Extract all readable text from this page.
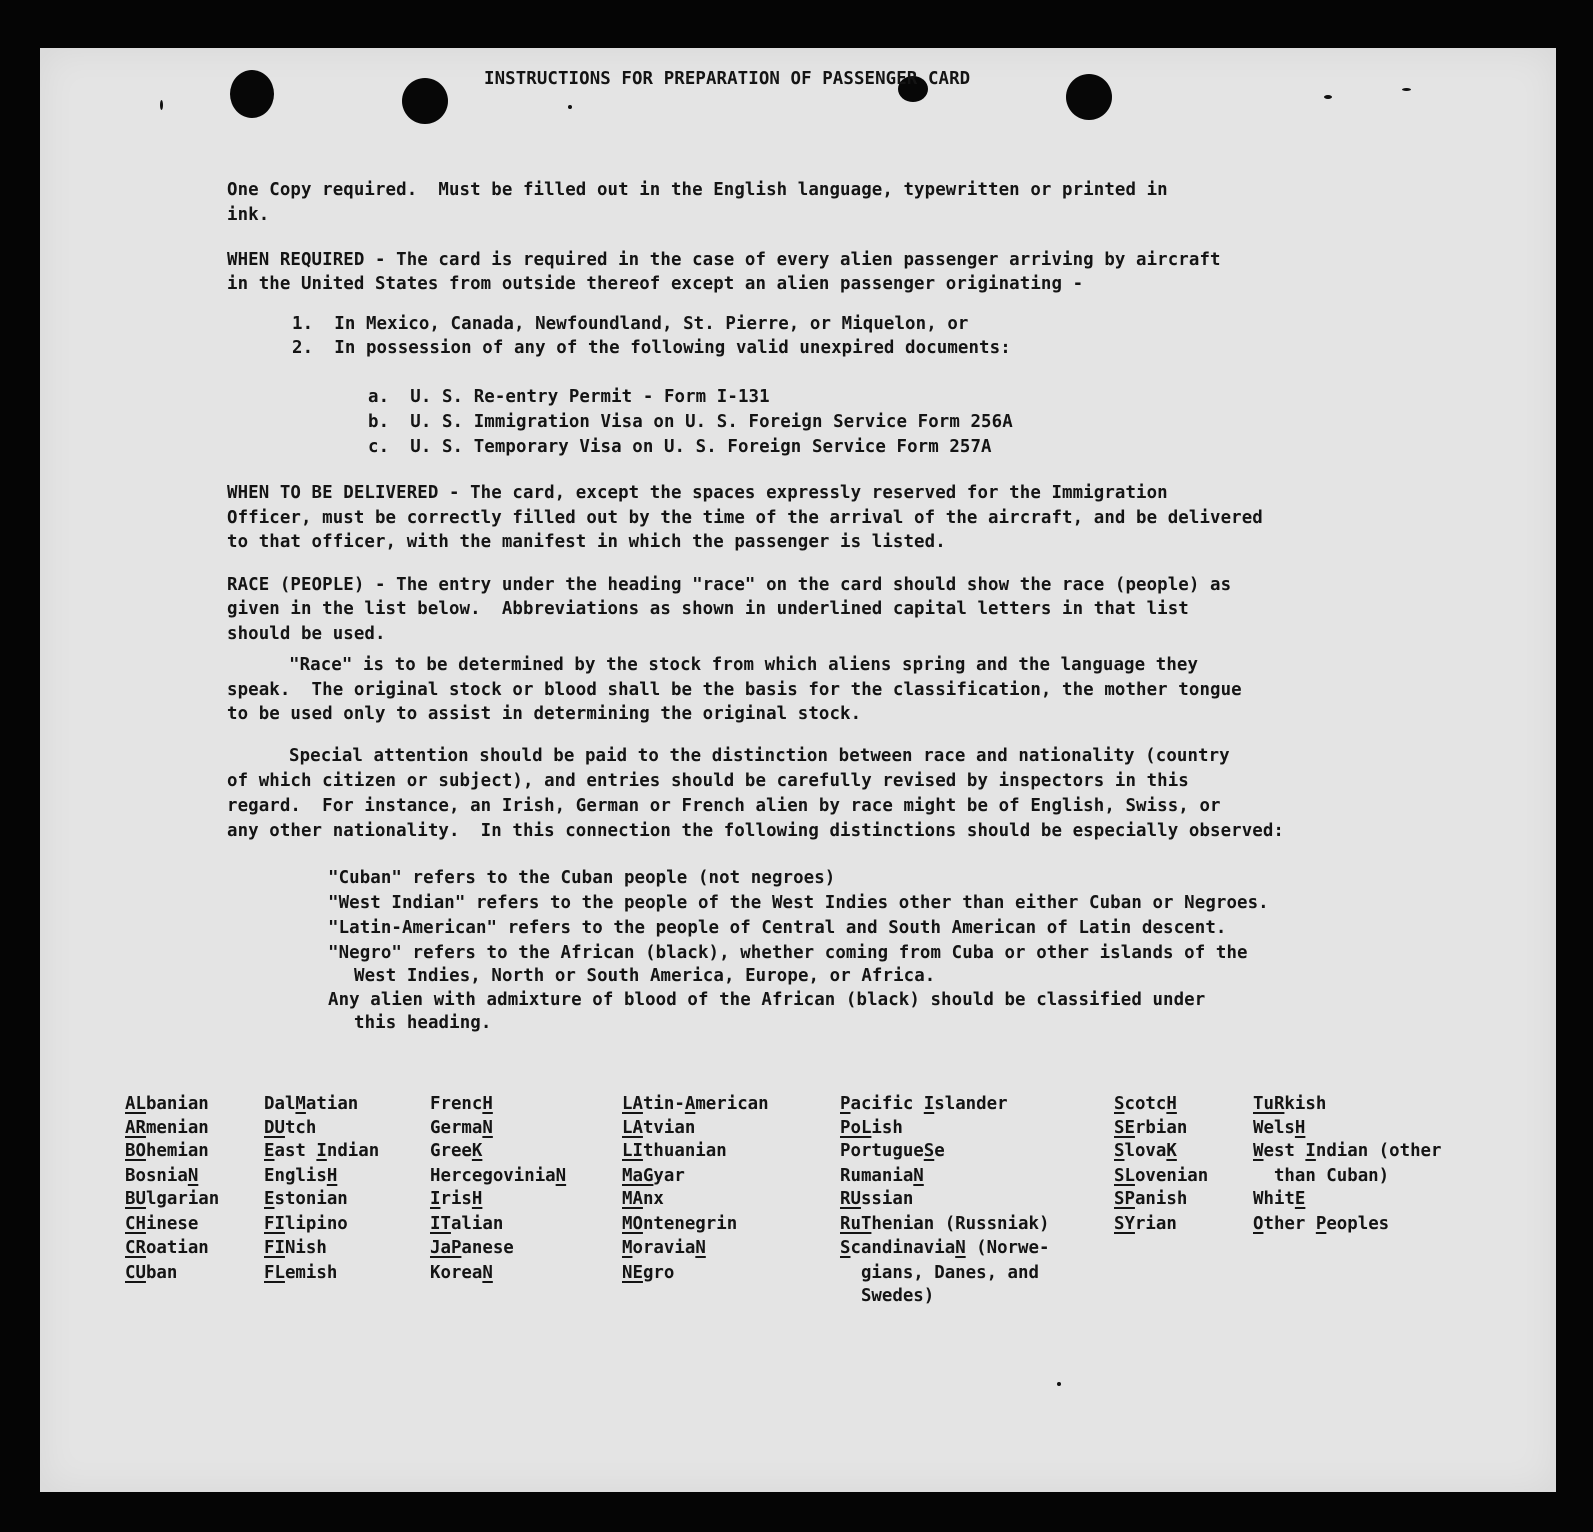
INSTRUCTIONS FOR PREPARATION OF PASSENGER CARD
One Copy required.  Must be filled out in the English language, typewritten or printed in
ink.
WHEN REQUIRED - The card is required in the case of every alien passenger arriving by aircraft
in the United States from outside thereof except an alien passenger originating -
1.  In Mexico, Canada, Newfoundland, St. Pierre, or Miquelon, or
2.  In possession of any of the following valid unexpired documents:
a.  U. S. Re-entry Permit - Form I-131
b.  U. S. Immigration Visa on U. S. Foreign Service Form 256A
c.  U. S. Temporary Visa on U. S. Foreign Service Form 257A
WHEN TO BE DELIVERED - The card, except the spaces expressly reserved for the Immigration
Officer, must be correctly filled out by the time of the arrival of the aircraft, and be delivered
to that officer, with the manifest in which the passenger is listed.
RACE (PEOPLE) - The entry under the heading "race" on the card should show the race (people) as
given in the list below.  Abbreviations as shown in underlined capital letters in that list
should be used.
"Race" is to be determined by the stock from which aliens spring and the language they
speak.  The original stock or blood shall be the basis for the classification, the mother tongue
to be used only to assist in determining the original stock.
Special attention should be paid to the distinction between race and nationality (country
of which citizen or subject), and entries should be carefully revised by inspectors in this
regard.  For instance, an Irish, German or French alien by race might be of English, Swiss, or
any other nationality.  In this connection the following distinctions should be especially observed:
"Cuban" refers to the Cuban people (not negroes)
"West Indian" refers to the people of the West Indies other than either Cuban or Negroes.
"Latin-American" refers to the people of Central and South American of Latin descent.
"Negro" refers to the African (black), whether coming from Cuba or other islands of the
West Indies, North or South America, Europe, or Africa.
Any alien with admixture of blood of the African (black) should be classified under
this heading.
ALbanian
ARmenian
BOhemian
BosniaN
BUlgarian
CHinese
CRoatian
CUban
DalMatian
DUtch
East Indian
EnglisH
Estonian
FIlipino
FINish
FLemish
FrencH
GermaN
GreeK
HercegoviniaN
IrisH
ITalian
JaPanese
KoreaN
LAtin-American
LAtvian
LIthuanian
MaGyar
MAnx
MOntenegrin
MoraviaN
NEgro
Pacific Islander
PoLish
PortugueSe
RumaniaN
RUssian
RuThenian (Russniak)
ScandinaviaN (Norwe-
gians, Danes, and
Swedes)
ScotcH
SErbian
SlovaK
SLovenian
SPanish
SYrian
TuRkish
WelsH
West Indian (other
than Cuban)
WhitE
Other Peoples
